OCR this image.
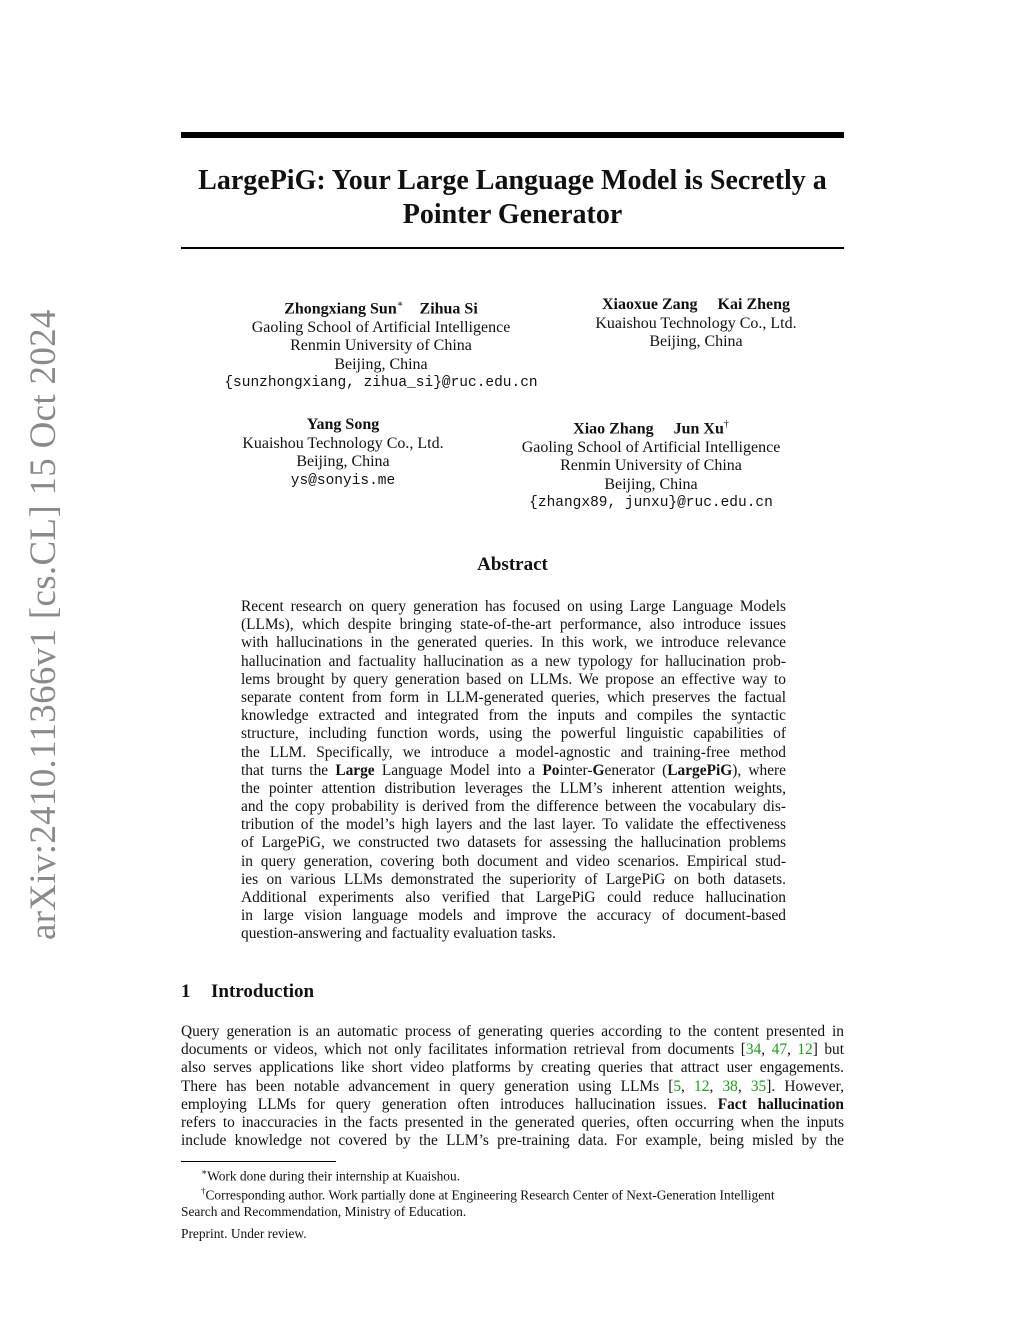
arXiv:2410.11366v1 [cs.CL] 15 Oct 2024
LargePiG: Your Large Language Model is Secretly a
Pointer Generator
Zhongxiang Sun∗ Zihua Si
Gaoling School of Artificial Intelligence
Renmin University of China
Beijing, China
{sunzhongxiang, zihua_si}@ruc.edu.cn
Xiaoxue Zang Kai Zheng
Kuaishou Technology Co., Ltd.
Beijing, China
Yang Song
Kuaishou Technology Co., Ltd.
Beijing, China
ys@sonyis.me
Xiao Zhang Jun Xu†
Gaoling School of Artificial Intelligence
Renmin University of China
Beijing, China
{zhangx89, junxu}@ruc.edu.cn
Abstract
Recent research on query generation has focused on using Large Language Models
(LLMs), which despite bringing state-of-the-art performance, also introduce issues
with hallucinations in the generated queries. In this work, we introduce relevance
hallucination and factuality hallucination as a new typology for hallucination prob-
lems brought by query generation based on LLMs. We propose an effective way to
separate content from form in LLM-generated queries, which preserves the factual
knowledge extracted and integrated from the inputs and compiles the syntactic
structure, including function words, using the powerful linguistic capabilities of
the LLM. Specifically, we introduce a model-agnostic and training-free method
that turns the Large Language Model into a Pointer-Generator (LargePiG), where
the pointer attention distribution leverages the LLM’s inherent attention weights,
and the copy probability is derived from the difference between the vocabulary dis-
tribution of the model’s high layers and the last layer. To validate the effectiveness
of LargePiG, we constructed two datasets for assessing the hallucination problems
in query generation, covering both document and video scenarios. Empirical stud-
ies on various LLMs demonstrated the superiority of LargePiG on both datasets.
Additional experiments also verified that LargePiG could reduce hallucination
in large vision language models and improve the accuracy of document-based
question-answering and factuality evaluation tasks.
1 Introduction
Query generation is an automatic process of generating queries according to the content presented in
documents or videos, which not only facilitates information retrieval from documents [34, 47, 12] but
also serves applications like short video platforms by creating queries that attract user engagements.
There has been notable advancement in query generation using LLMs [5, 12, 38, 35]. However,
employing LLMs for query generation often introduces hallucination issues. Fact hallucination
refers to inaccuracies in the facts presented in the generated queries, often occurring when the inputs
include knowledge not covered by the LLM’s pre-training data. For example, being misled by the
∗Work done during their internship at Kuaishou.
†Corresponding author. Work partially done at Engineering Research Center of Next-Generation Intelligent
Search and Recommendation, Ministry of Education.
Preprint. Under review.
